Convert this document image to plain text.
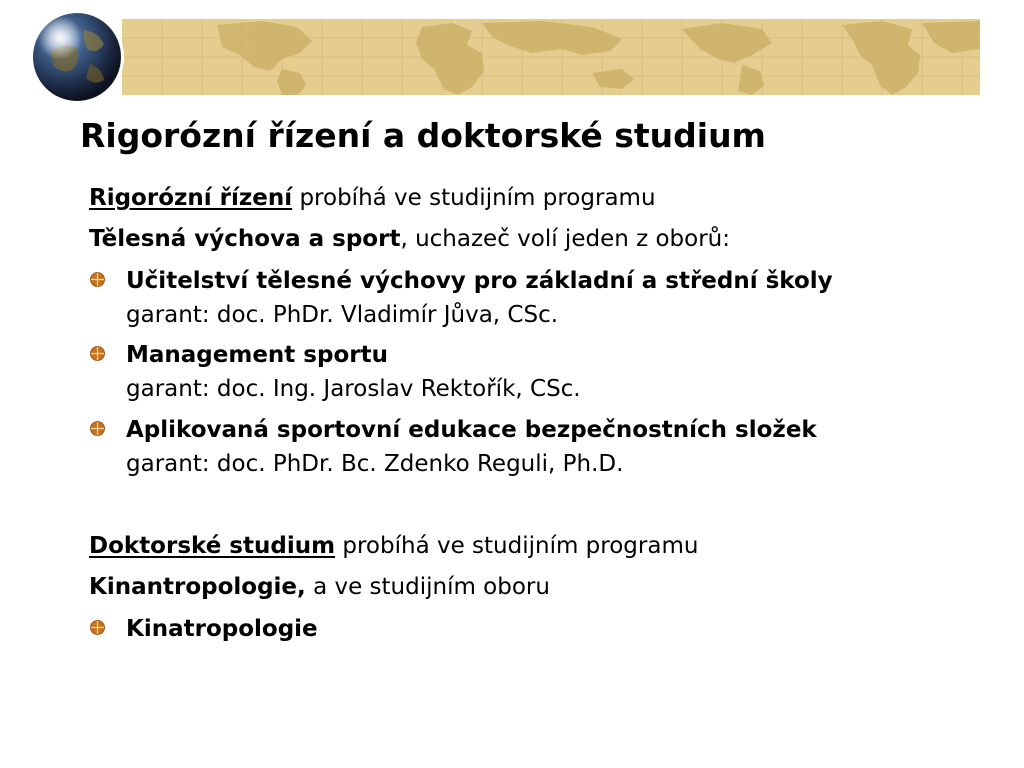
Rigorózní řízení a doktorské studium
Rigorózní řízení probíhá ve studijním programu
Tělesná výchova a sport, uchazeč volí jeden z oborů:
Učitelství tělesné výchovy pro základní a střední školy
garant: doc. PhDr. Vladimír Jůva, CSc.
Management sportu
garant: doc. Ing. Jaroslav Rektořík, CSc.
Aplikovaná sportovní edukace bezpečnostních složek
garant: doc. PhDr. Bc. Zdenko Reguli, Ph.D.
Doktorské studium probíhá ve studijním programu
Kinantropologie, a ve studijním oboru
Kinatropologie
